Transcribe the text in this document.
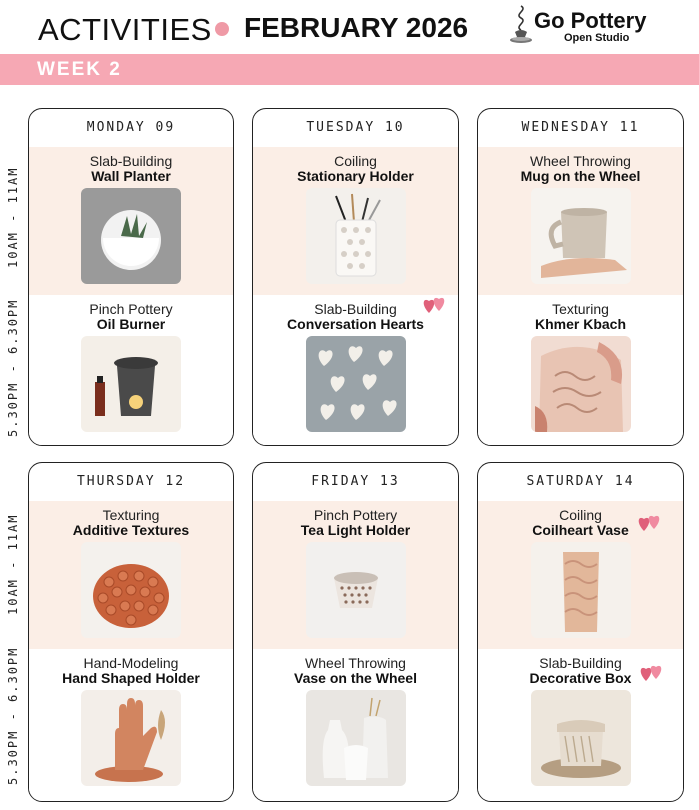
ACTIVITIES FEBRUARY 2026	Go Pottery
Open Studio
WEEK 2
10AM - 11AM
5.30PM - 6.30PM
10AM - 11AM
5.30PM - 6.30PM
MONDAY 09
Slab-Building
Wall Planter
Pinch Pottery
Oil Burner
TUESDAY 10
Coiling
Stationary Holder
Slab-Building
Conversation Hearts
WEDNESDAY 11
Wheel Throwing
Mug on the Wheel
Texturing
Khmer Kbach
THURSDAY 12
Texturing
Additive Textures
Hand-Modeling
Hand Shaped Holder
FRIDAY 13
Pinch Pottery
Tea Light Holder
Wheel Throwing
Vase on the Wheel
SATURDAY 14
Coiling
Coilheart Vase
Slab-Building
Decorative Box
